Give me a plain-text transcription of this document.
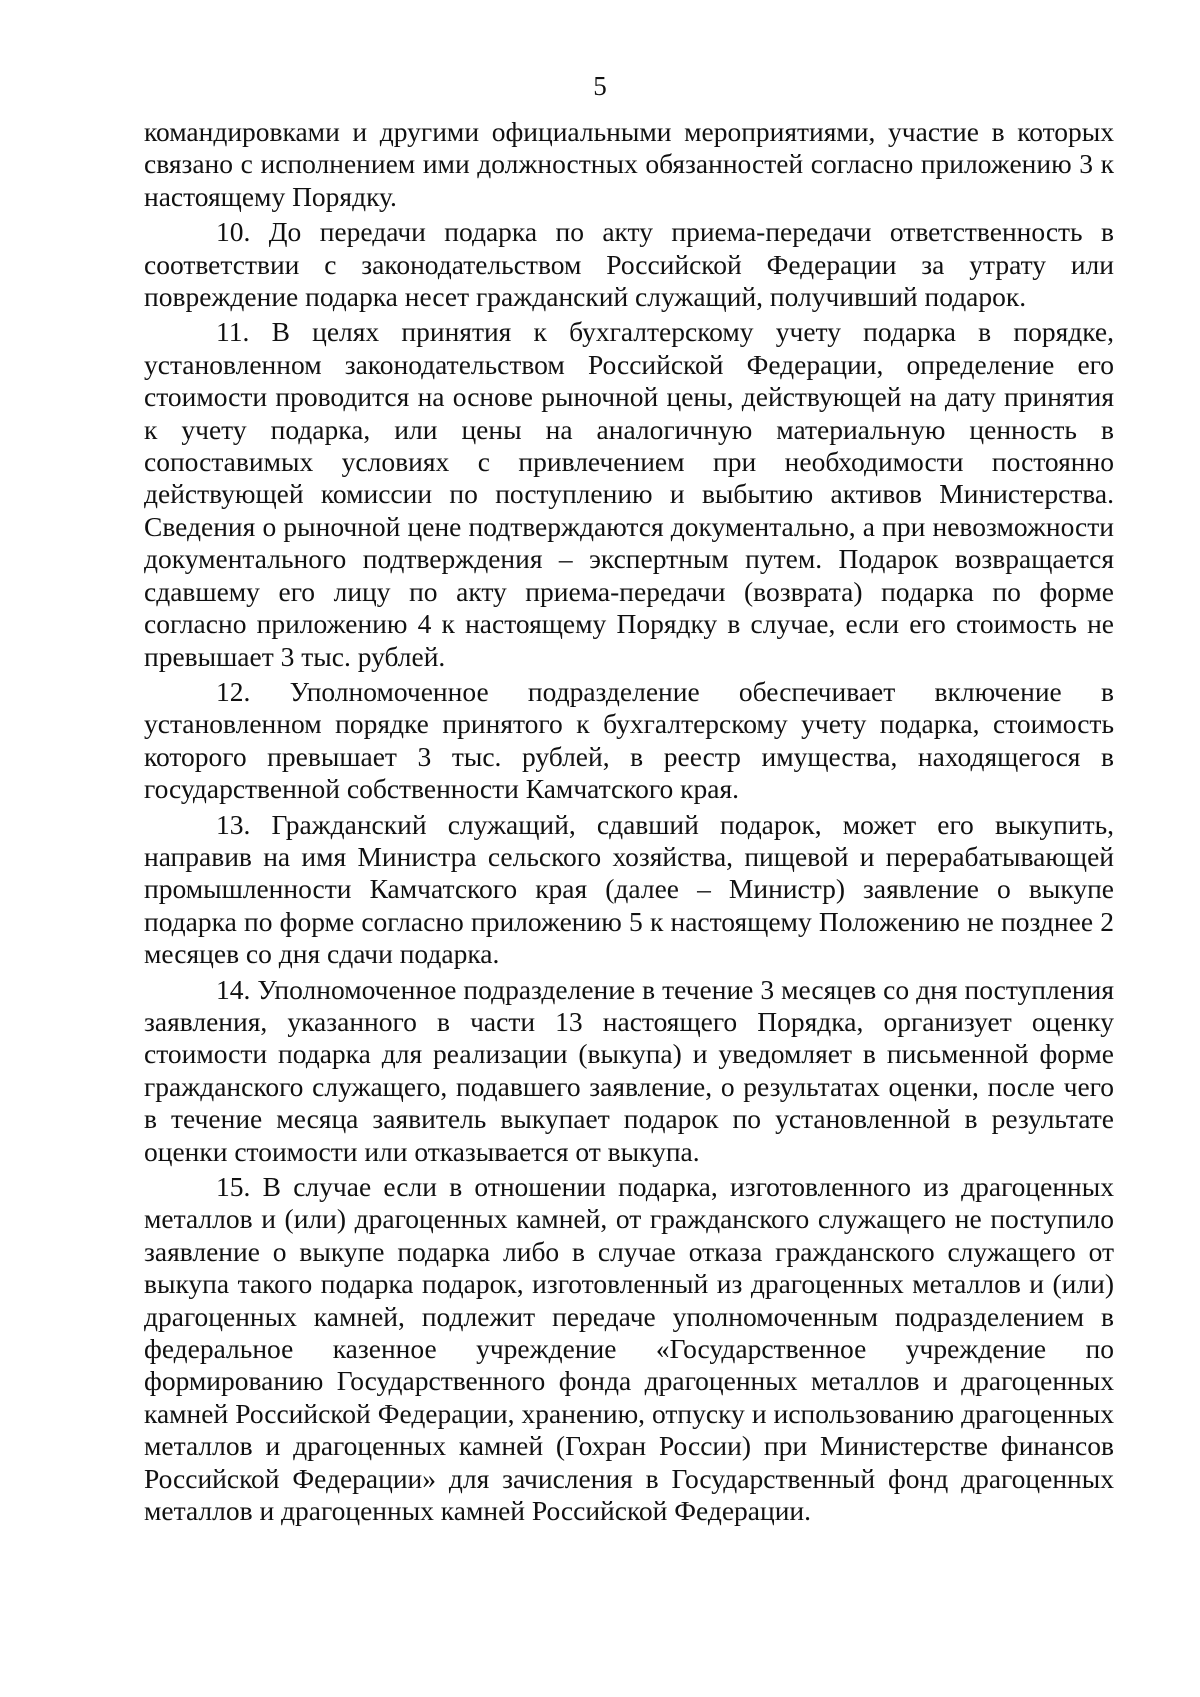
5

командировками и другими официальными мероприятиями, участие в которых связано с исполнением ими должностных обязанностей согласно приложению 3 к настоящему Порядку.

10. До передачи подарка по акту приема-передачи ответственность в соответствии с законодательством Российской Федерации за утрату или повреждение подарка несет гражданский служащий, получивший подарок.

11. В целях принятия к бухгалтерскому учету подарка в порядке, установленном законодательством Российской Федерации, определение его стоимости проводится на основе рыночной цены, действующей на дату принятия к учету подарка, или цены на аналогичную материальную ценность в сопоставимых условиях с привлечением при необходимости постоянно действующей комиссии по поступлению и выбытию активов Министерства. Сведения о рыночной цене подтверждаются документально, а при невозможности документального подтверждения – экспертным путем. Подарок возвращается сдавшему его лицу по акту приема-передачи (возврата) подарка по форме согласно приложению 4 к настоящему Порядку в случае, если его стоимость не превышает 3 тыс. рублей.

12. Уполномоченное подразделение обеспечивает включение в установленном порядке принятого к бухгалтерскому учету подарка, стоимость которого превышает 3 тыс. рублей, в реестр имущества, находящегося в государственной собственности Камчатского края.

13. Гражданский служащий, сдавший подарок, может его выкупить, направив на имя Министра сельского хозяйства, пищевой и перерабатывающей промышленности Камчатского края (далее – Министр) заявление о выкупе подарка по форме согласно приложению 5 к настоящему Положению не позднее 2 месяцев со дня сдачи подарка.

14. Уполномоченное подразделение в течение 3 месяцев со дня поступления заявления, указанного в части 13 настоящего Порядка, организует оценку стоимости подарка для реализации (выкупа) и уведомляет в письменной форме гражданского служащего, подавшего заявление, о результатах оценки, после чего в течение месяца заявитель выкупает подарок по установленной в результате оценки стоимости или отказывается от выкупа.

15. В случае если в отношении подарка, изготовленного из драгоценных металлов и (или) драгоценных камней, от гражданского служащего не поступило заявление о выкупе подарка либо в случае отказа гражданского служащего от выкупа такого подарка подарок, изготовленный из драгоценных металлов и (или) драгоценных камней, подлежит передаче уполномоченным подразделением в федеральное казенное учреждение «Государственное учреждение по формированию Государственного фонда драгоценных металлов и драгоценных камней Российской Федерации, хранению, отпуску и использованию драгоценных металлов и драгоценных камней (Гохран России) при Министерстве финансов Российской Федерации» для зачисления в Государственный фонд драгоценных металлов и драгоценных камней Российской Федерации.
